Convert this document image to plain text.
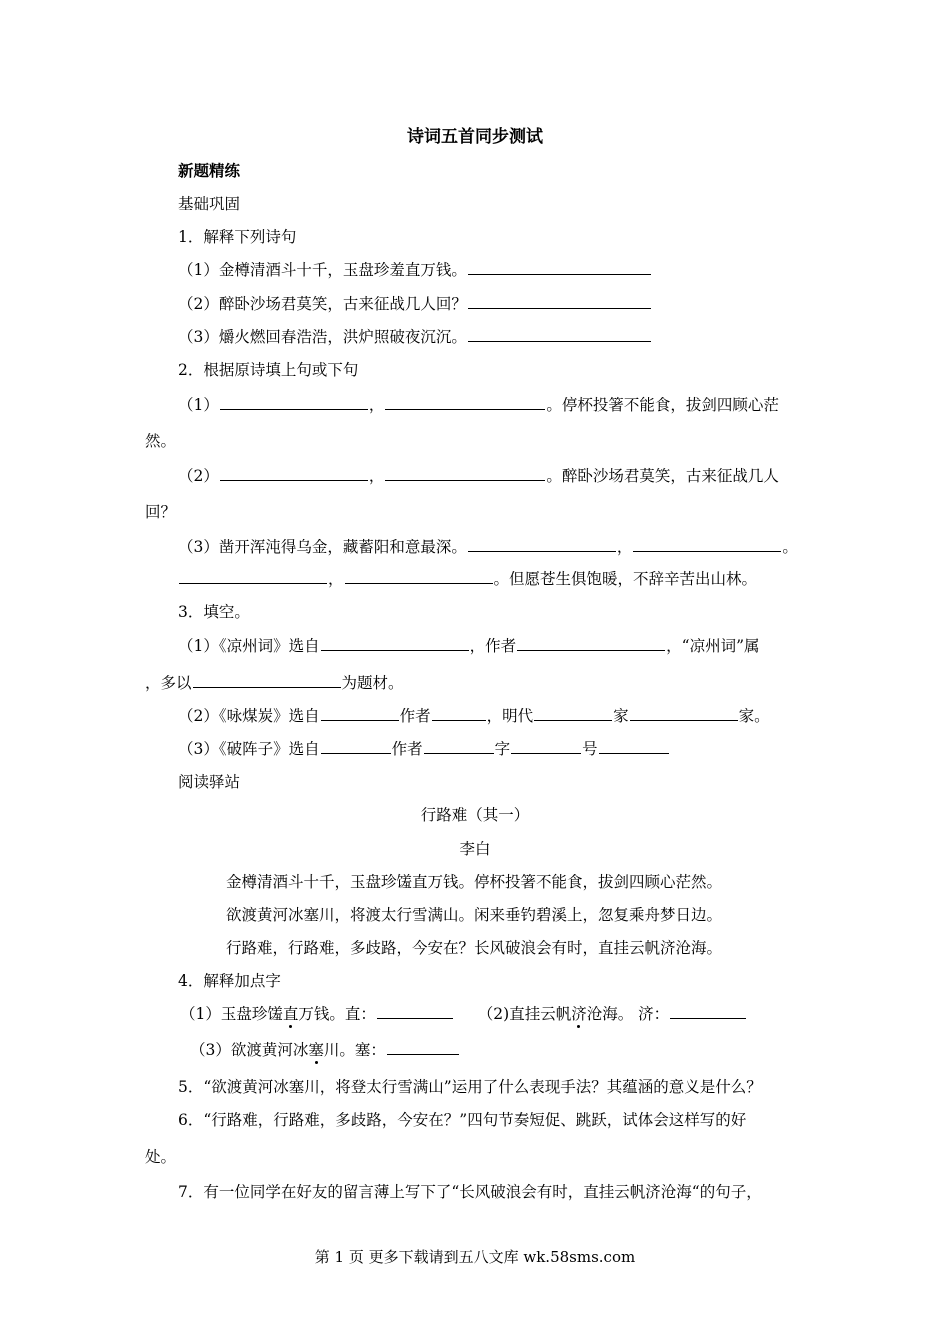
诗词五首同步测试
新题精练
基础巩固
1．解释下列诗句
（1）金樽清酒斗十千，玉盘珍羞直万钱。
（2）醉卧沙场君莫笑，古来征战几人回？
（3）爝火燃回春浩浩，洪炉照破夜沉沉。
2．根据原诗填上句或下句
（1）	，	。停杯投箸不能食，拔剑四顾心茫
然。
（2）	，	。醉卧沙场君莫笑，古来征战几人
回？
（3）凿开浑沌得乌金，藏蓄阳和意最深。	，	。
，	。但愿苍生俱饱暖，不辞辛苦出山林。
3．填空。
（1）《凉州词》选自	，作者	，“凉州词”属
，多以	为题材。
（2）《咏煤炭》选自	作者	，明代	家	家。
（3）《破阵子》选自	作者	字	号
阅读驿站
行路难（其一）
李白
金樽清酒斗十千，玉盘珍馐直万钱。停杯投箸不能食，拔剑四顾心茫然。
欲渡黄河冰塞川，将渡太行雪满山。闲来垂钓碧溪上，忽复乘舟梦日边。
行路难，行路难，多歧路，今安在？长风破浪会有时，直挂云帆济沧海。
4．解释加点字
（1）玉盘珍馐直万钱。直：	（2)直挂云帆济沧海。 济：
（3）欲渡黄河冰塞川。塞：
5．“欲渡黄河冰塞川，将登太行雪满山”运用了什么表现手法？其蕴涵的意义是什么？
6．“行路难，行路难，多歧路，今安在？”四句节奏短促、跳跃，试体会这样写的好
处。
7．有一位同学在好友的留言薄上写下了“长风破浪会有时，直挂云帆济沧海“的句子，
第 1 页 更多下载请到五八文库 wk.58sms.com
